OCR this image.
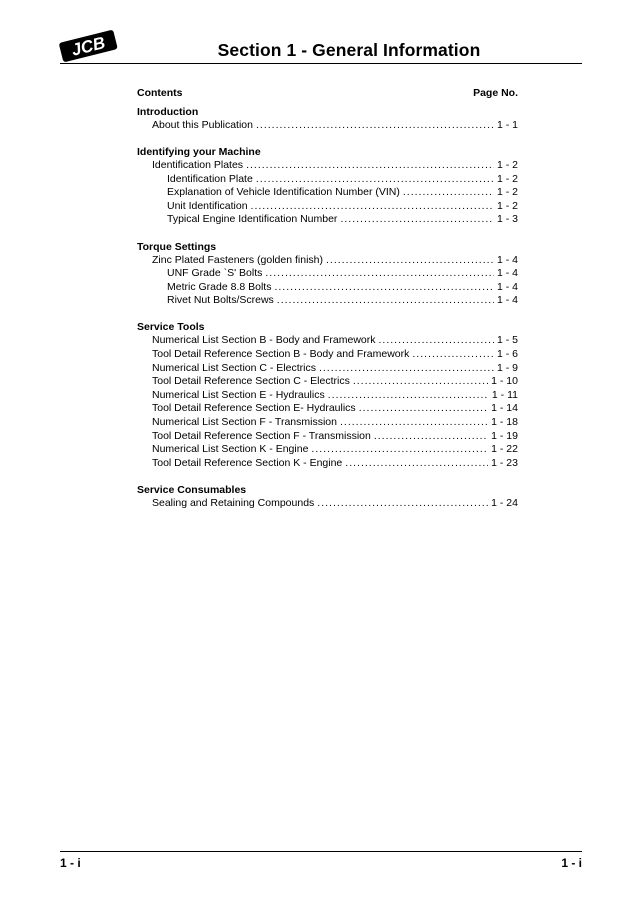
JCB	Section 1 - General Information
Contents	Page No.
Introduction
About this Publication .....	1 - 1
Identifying your Machine
Identification Plates .....	1 - 2
Identification Plate .....	1 - 2
Explanation of Vehicle Identification Number (VIN) .....	1 - 2
Unit Identification .....	1 - 2
Typical Engine Identification Number .....	1 - 3
Torque Settings
Zinc Plated Fasteners (golden finish) .....	1 - 4
UNF Grade `S' Bolts .....	1 - 4
Metric Grade 8.8 Bolts .....	1 - 4
Rivet Nut Bolts/Screws .....	1 - 4
Service Tools
Numerical List Section B - Body and Framework .....	1 - 5
Tool Detail Reference Section B - Body and Framework .....	1 - 6
Numerical List Section C - Electrics .....	1 - 9
Tool Detail Reference Section C - Electrics .....	1 - 10
Numerical List Section E - Hydraulics .....	1 - 11
Tool Detail Reference Section E- Hydraulics .....	1 - 14
Numerical List Section F - Transmission .....	1 - 18
Tool Detail Reference Section F - Transmission .....	1 - 19
Numerical List Section K - Engine .....	1 - 22
Tool Detail Reference Section K - Engine .....	1 - 23
Service Consumables
Sealing and Retaining Compounds .....	1 - 24
1 - i	1 - i
